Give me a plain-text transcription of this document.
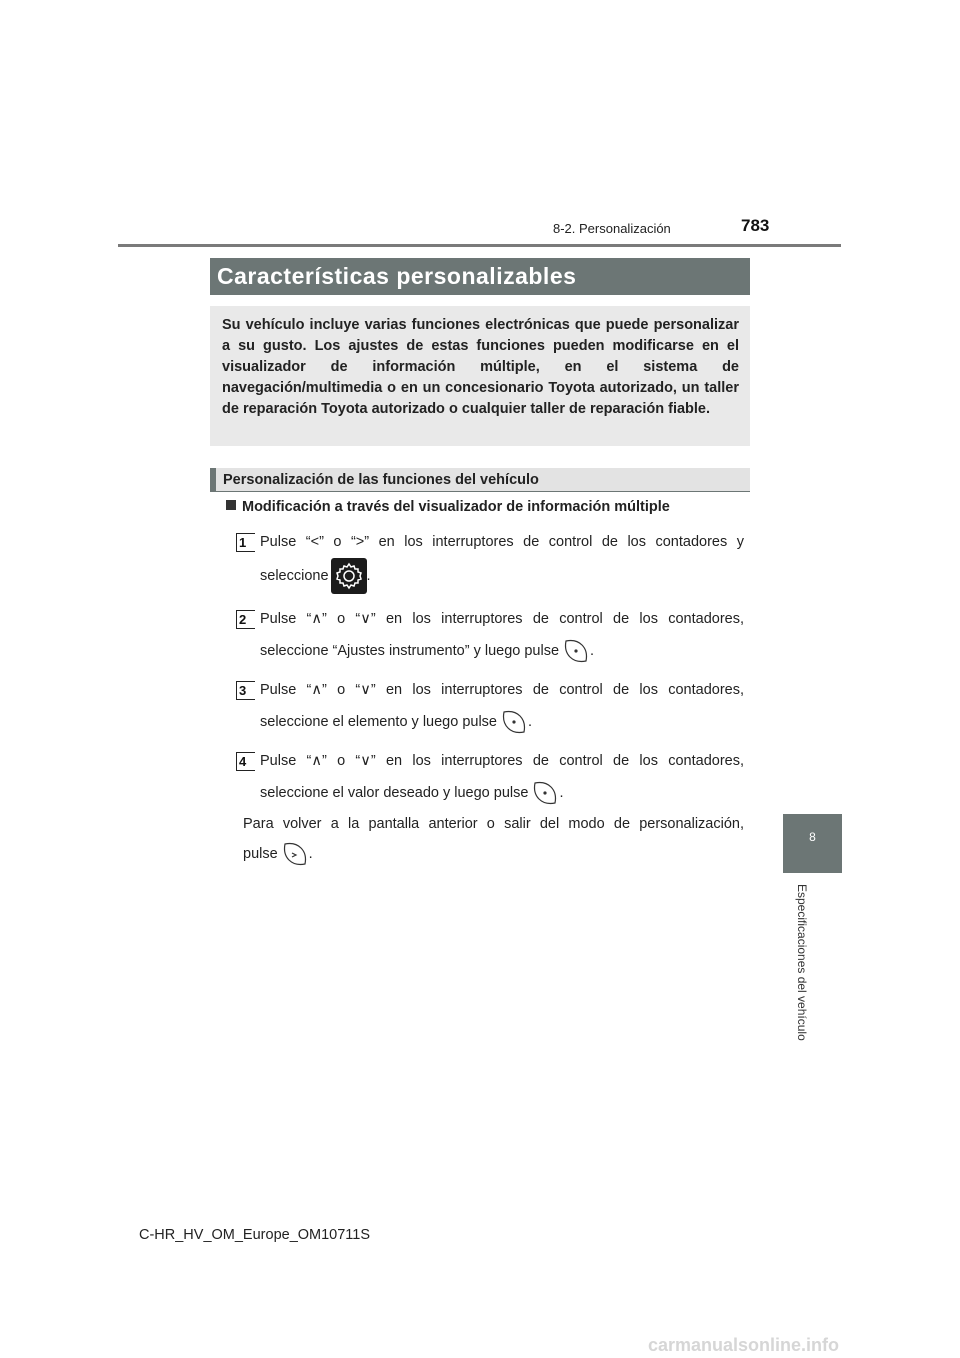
8-2. Personalización	783
Características personalizables
Su vehículo incluye varias funciones electrónicas que puede personalizar a su gusto. Los ajustes de estas funciones pueden modificarse en el visualizador de información múltiple, en el sistema de navegación/multimedia o en un concesionario Toyota autorizado, un taller de reparación Toyota autorizado o cualquier taller de reparación fiable.
Personalización de las funciones del vehículo
Modificación a través del visualizador de información múltiple
1 Pulse “<” o “>” en los interruptores de control de los contadores y
seleccione	.
2 Pulse “∧” o “∨” en los interruptores de control de los contadores,
seleccione “Ajustes instrumento” y luego pulse .
3 Pulse “∧” o “∨” en los interruptores de control de los contadores,
seleccione el elemento y luego pulse .
4 Pulse “∧” o “∨” en los interruptores de control de los contadores,
seleccione el valor deseado y luego pulse .
Para volver a la pantalla anterior o salir del modo de personalización,
pulse .
8
Especificaciones del vehículo
C-HR_HV_OM_Europe_OM10711S
carmanualsonline.info
